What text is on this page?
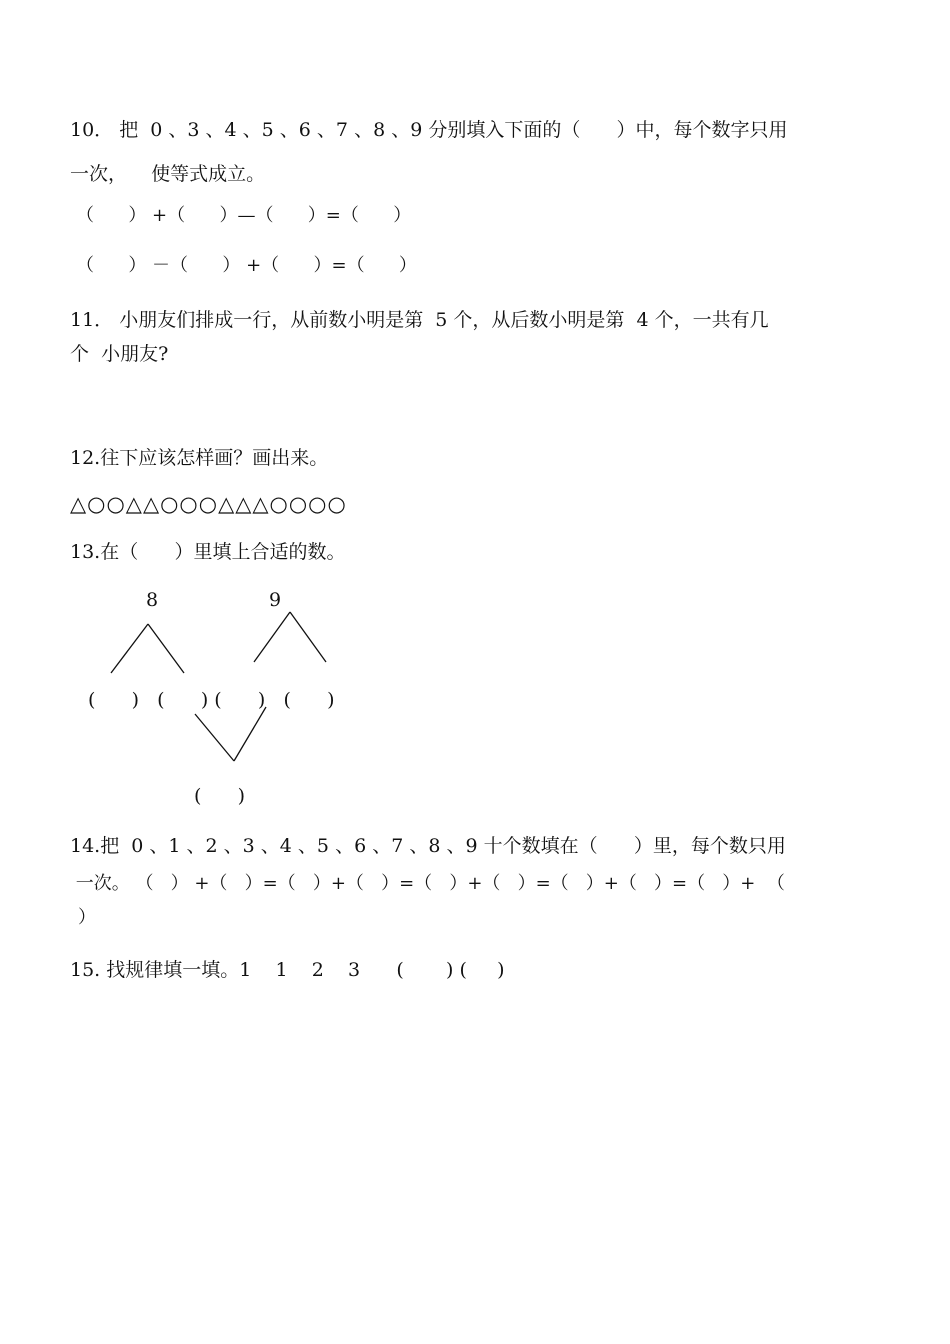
10． 把  0 、3 、4 、5 、6 、7 、8 、9 分别填入下面的（      ）中，每个数字只用
一次，    使等式成立。
（      ） +（      ）—（      ）=（      ）
（      ） －（      ） +（      ）=（      ）
11． 小朋友们排成一行，从前数小明是第  5 个，从后数小明是第  4 个，一共有几
个  小朋友?
12.往下应该怎样画？画出来。
△○○△△○○○△△△○○○○
13.在（      ）里填上合适的数。
8	9
(      )   (      ) (      )   (      )
(      )
14.把  0 、1 、2 、3 、4 、5 、6 、7 、8 、9 十个数填在（      ）里，每个数只用
一次。 （   ） +（   ）=（   ）+（   ）=（   ）+（   ）=（   ）+（   ）=（   ）+  （
）
15. 找规律填一填。1    1    2    3      (       ) (     )
